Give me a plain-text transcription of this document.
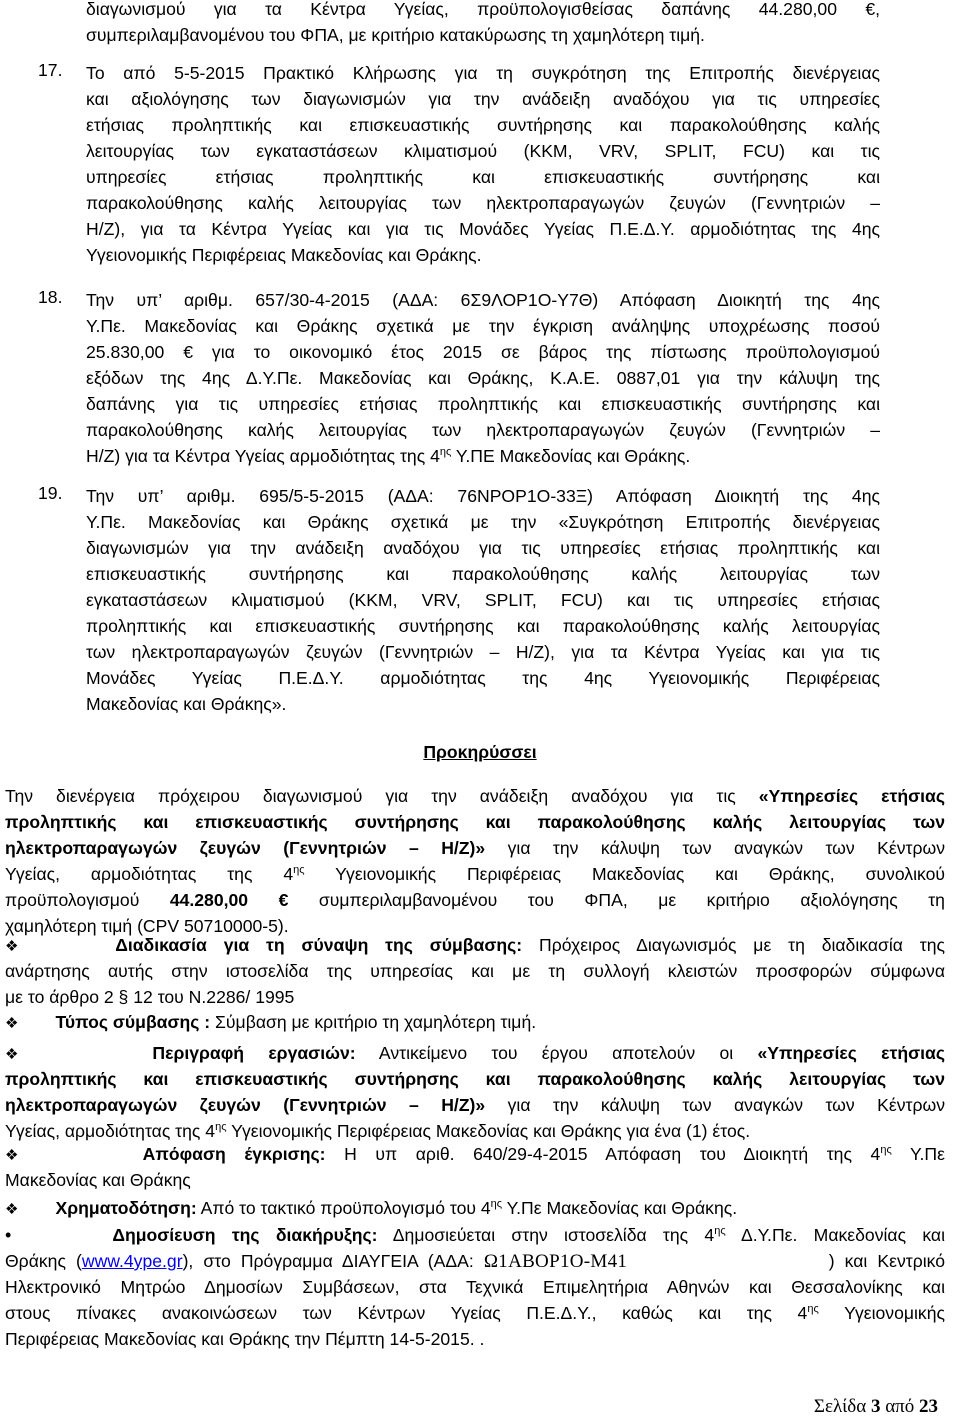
διαγωνισμού για τα Κέντρα Υγείας, προϋπολογισθείσας δαπάνης 44.280,00 €,
συμπεριλαμβανομένου του ΦΠΑ, με κριτήριο κατακύρωσης τη χαμηλότερη τιμή.
17. Το από 5-5-2015 Πρακτικό Κλήρωσης για τη συγκρότηση της Επιτροπής διενέργειας
και αξιολόγησης των διαγωνισμών για την ανάδειξη αναδόχου για τις υπηρεσίες
ετήσιας προληπτικής και επισκευαστικής συντήρησης και παρακολούθησης καλής
λειτουργίας των εγκαταστάσεων κλιματισμού (ΚΚΜ, VRV, SPLIT, FCU) και τις
υπηρεσίες ετήσιας προληπτικής και επισκευαστικής συντήρησης και
παρακολούθησης καλής λειτουργίας των ηλεκτροπαραγωγών ζευγών (Γεννητριών –
Η/Ζ), για τα Κέντρα Υγείας και για τις Μονάδες Υγείας Π.Ε.Δ.Υ. αρμοδιότητας της 4ης
Υγειονομικής Περιφέρειας Μακεδονίας και Θράκης.
18. Την υπ’ αριθμ. 657/30-4-2015 (ΑΔΑ: 6Σ9ΛΟΡ1Ο-Υ7Θ) Απόφαση Διοικητή της 4ης
Υ.Πε. Μακεδονίας και Θράκης σχετικά με την έγκριση ανάληψης υποχρέωσης ποσού
25.830,00 € για το οικονομικό έτος 2015 σε βάρος της πίστωσης προϋπολογισμού
εξόδων της 4ης Δ.Υ.Πε. Μακεδονίας και Θράκης, Κ.Α.Ε. 0887,01 για την κάλυψη της
δαπάνης για τις υπηρεσίες ετήσιας προληπτικής και επισκευαστικής συντήρησης και
παρακολούθησης καλής λειτουργίας των ηλεκτροπαραγωγών ζευγών (Γεννητριών –
Η/Ζ) για τα Κέντρα Υγείας αρμοδιότητας της $4^{\eta\varsigma}$ Υ.ΠΕ Μακεδονίας και Θράκης.
19. Την υπ’ αριθμ. 695/5-5-2015 (ΑΔΑ: 76ΝΡΟΡ1Ο-33Ξ) Απόφαση Διοικητή της 4ης
Υ.Πε. Μακεδονίας και Θράκης σχετικά με την «Συγκρότηση Επιτροπής διενέργειας
διαγωνισμών για την ανάδειξη αναδόχου για τις υπηρεσίες ετήσιας προληπτικής και
επισκευαστικής συντήρησης και παρακολούθησης καλής λειτουργίας των
εγκαταστάσεων κλιματισμού (ΚΚΜ, VRV, SPLIT, FCU) και τις υπηρεσίες ετήσιας
προληπτικής και επισκευαστικής συντήρησης και παρακολούθησης καλής λειτουργίας
των ηλεκτροπαραγωγών ζευγών (Γεννητριών – Η/Ζ), για τα Κέντρα Υγείας και για τις
Μονάδες Υγείας Π.Ε.Δ.Υ. αρμοδιότητας της 4ης Υγειονομικής Περιφέρειας
Μακεδονίας και Θράκης».
Προκηρύσσει
Την διενέργεια πρόχειρου διαγωνισμού για την ανάδειξη αναδόχου για τις «Υπηρεσίες ετήσιας
προληπτικής και επισκευαστικής συντήρησης και παρακολούθησης καλής λειτουργίας των
ηλεκτροπαραγωγών ζευγών (Γεννητριών – Η/Ζ)» για την κάλυψη των αναγκών των Κέντρων
Υγείας, αρμοδιότητας της $4^{\eta\varsigma}$ Υγειονομικής Περιφέρειας Μακεδονίας και Θράκης, συνολικού
προϋπολογισμού 44.280,00 € συμπεριλαμβανομένου του ΦΠΑ, με κριτήριο αξιολόγησης τη
χαμηλότερη τιμή (CPV 50710000-5).
❖	Διαδικασία για τη σύναψη της σύμβασης: Πρόχειρος Διαγωνισμός με τη διαδικασία της
ανάρτησης αυτής στην ιστοσελίδα της υπηρεσίας και με τη συλλογή κλειστών προσφορών σύμφωνα
με το άρθρο 2 § 12 του Ν.2286/ 1995
❖ Τύπος σύμβασης : Σύμβαση με κριτήριο τη χαμηλότερη τιμή.
❖	Περιγραφή εργασιών: Αντικείμενο του έργου αποτελούν οι «Υπηρεσίες ετήσιας
προληπτικής και επισκευαστικής συντήρησης και παρακολούθησης καλής λειτουργίας των
ηλεκτροπαραγωγών ζευγών (Γεννητριών – Η/Ζ)» για την κάλυψη των αναγκών των Κέντρων
Υγείας, αρμοδιότητας της $4^{\eta\varsigma}$ Υγειονομικής Περιφέρειας Μακεδονίας και Θράκης για ένα (1) έτος.
❖	Απόφαση έγκρισης: Η υπ αριθ. 640/29-4-2015 Απόφαση του Διοικητή της $4^{\eta\varsigma}$ Υ.Πε
Μακεδονίας και Θράκης
❖ Χρηματοδότηση: Από το τακτικό προϋπολογισμό του $4^{\eta\varsigma}$ Υ.Πε Μακεδονίας και Θράκης.
•	Δημοσίευση της διακήρυξης: Δημοσιεύεται στην ιστοσελίδα της $4^{\eta\varsigma}$ Δ.Υ.Πε. Μακεδονίας και
Θράκης (www.4ype.gr), στο Πρόγραμμα ΔΙΑΥΓΕΙΑ (ΑΔΑ: Ω1ΑΒΟΡ1Ο-Μ41	) και Κεντρικό
Ηλεκτρονικό Μητρώο Δημοσίων Συμβάσεων, στα Τεχνικά Επιμελητήρια Αθηνών και Θεσσαλονίκης και
στους πίνακες ανακοινώσεων των Κέντρων Υγείας Π.Ε.Δ.Υ., καθώς και της $4^{\eta\varsigma}$ Υγειονομικής
Περιφέρειας Μακεδονίας και Θράκης την Πέμπτη 14-5-2015. .
Σελίδα 3 από 23
